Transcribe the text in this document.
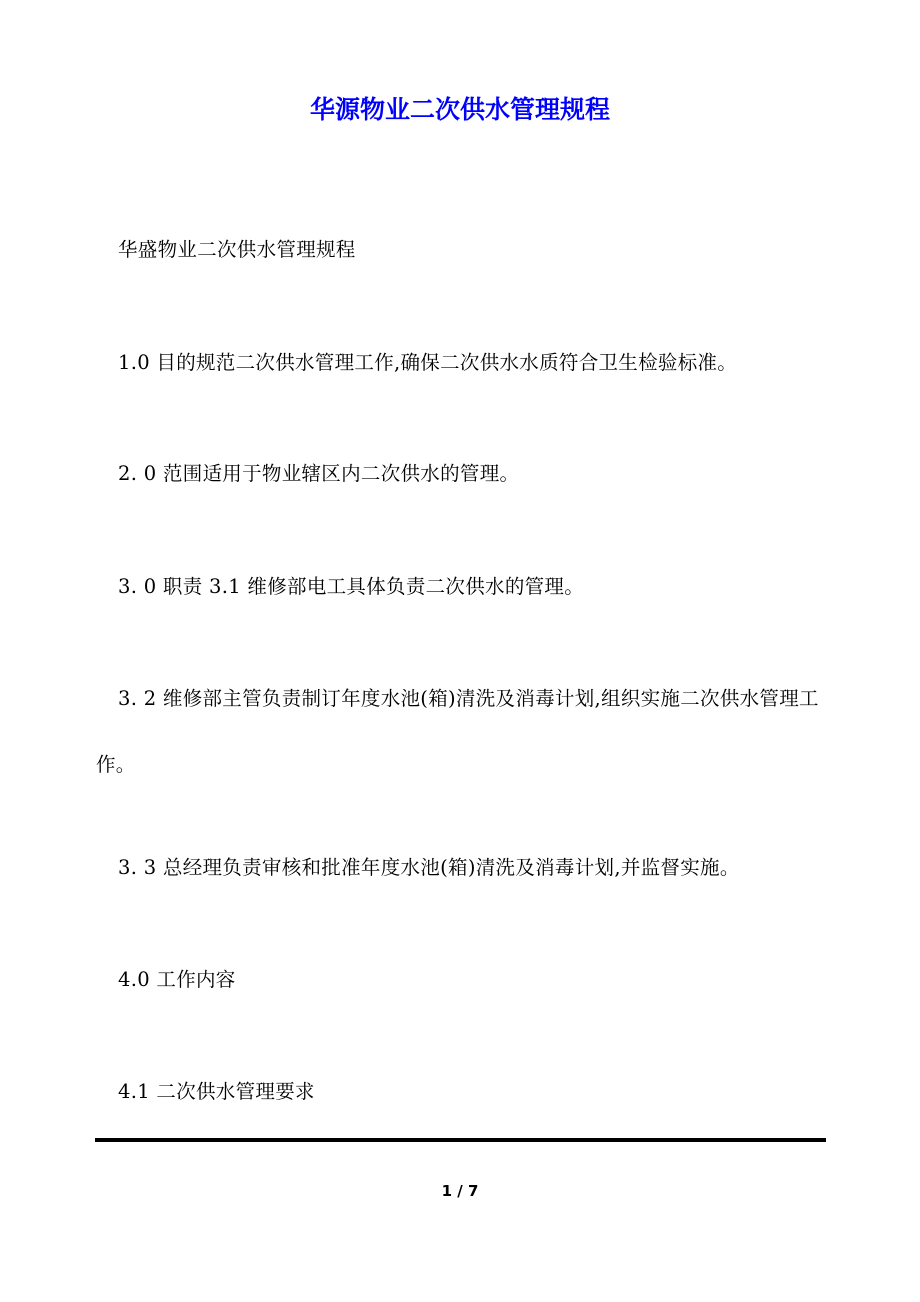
华源物业二次供水管理规程

华盛物业二次供水管理规程

1.0 目的规范二次供水管理工作,确保二次供水水质符合卫生检验标准。

2. 0 范围适用于物业辖区内二次供水的管理。

3. 0 职责 3.1 维修部电工具体负责二次供水的管理。

3. 2 维修部主管负责制订年度水池(箱)清洗及消毒计划,组织实施二次供水管理工作。

3. 3 总经理负责审核和批准年度水池(箱)清洗及消毒计划,并监督实施。

4.0 工作内容

4.1 二次供水管理要求

1 / 7
